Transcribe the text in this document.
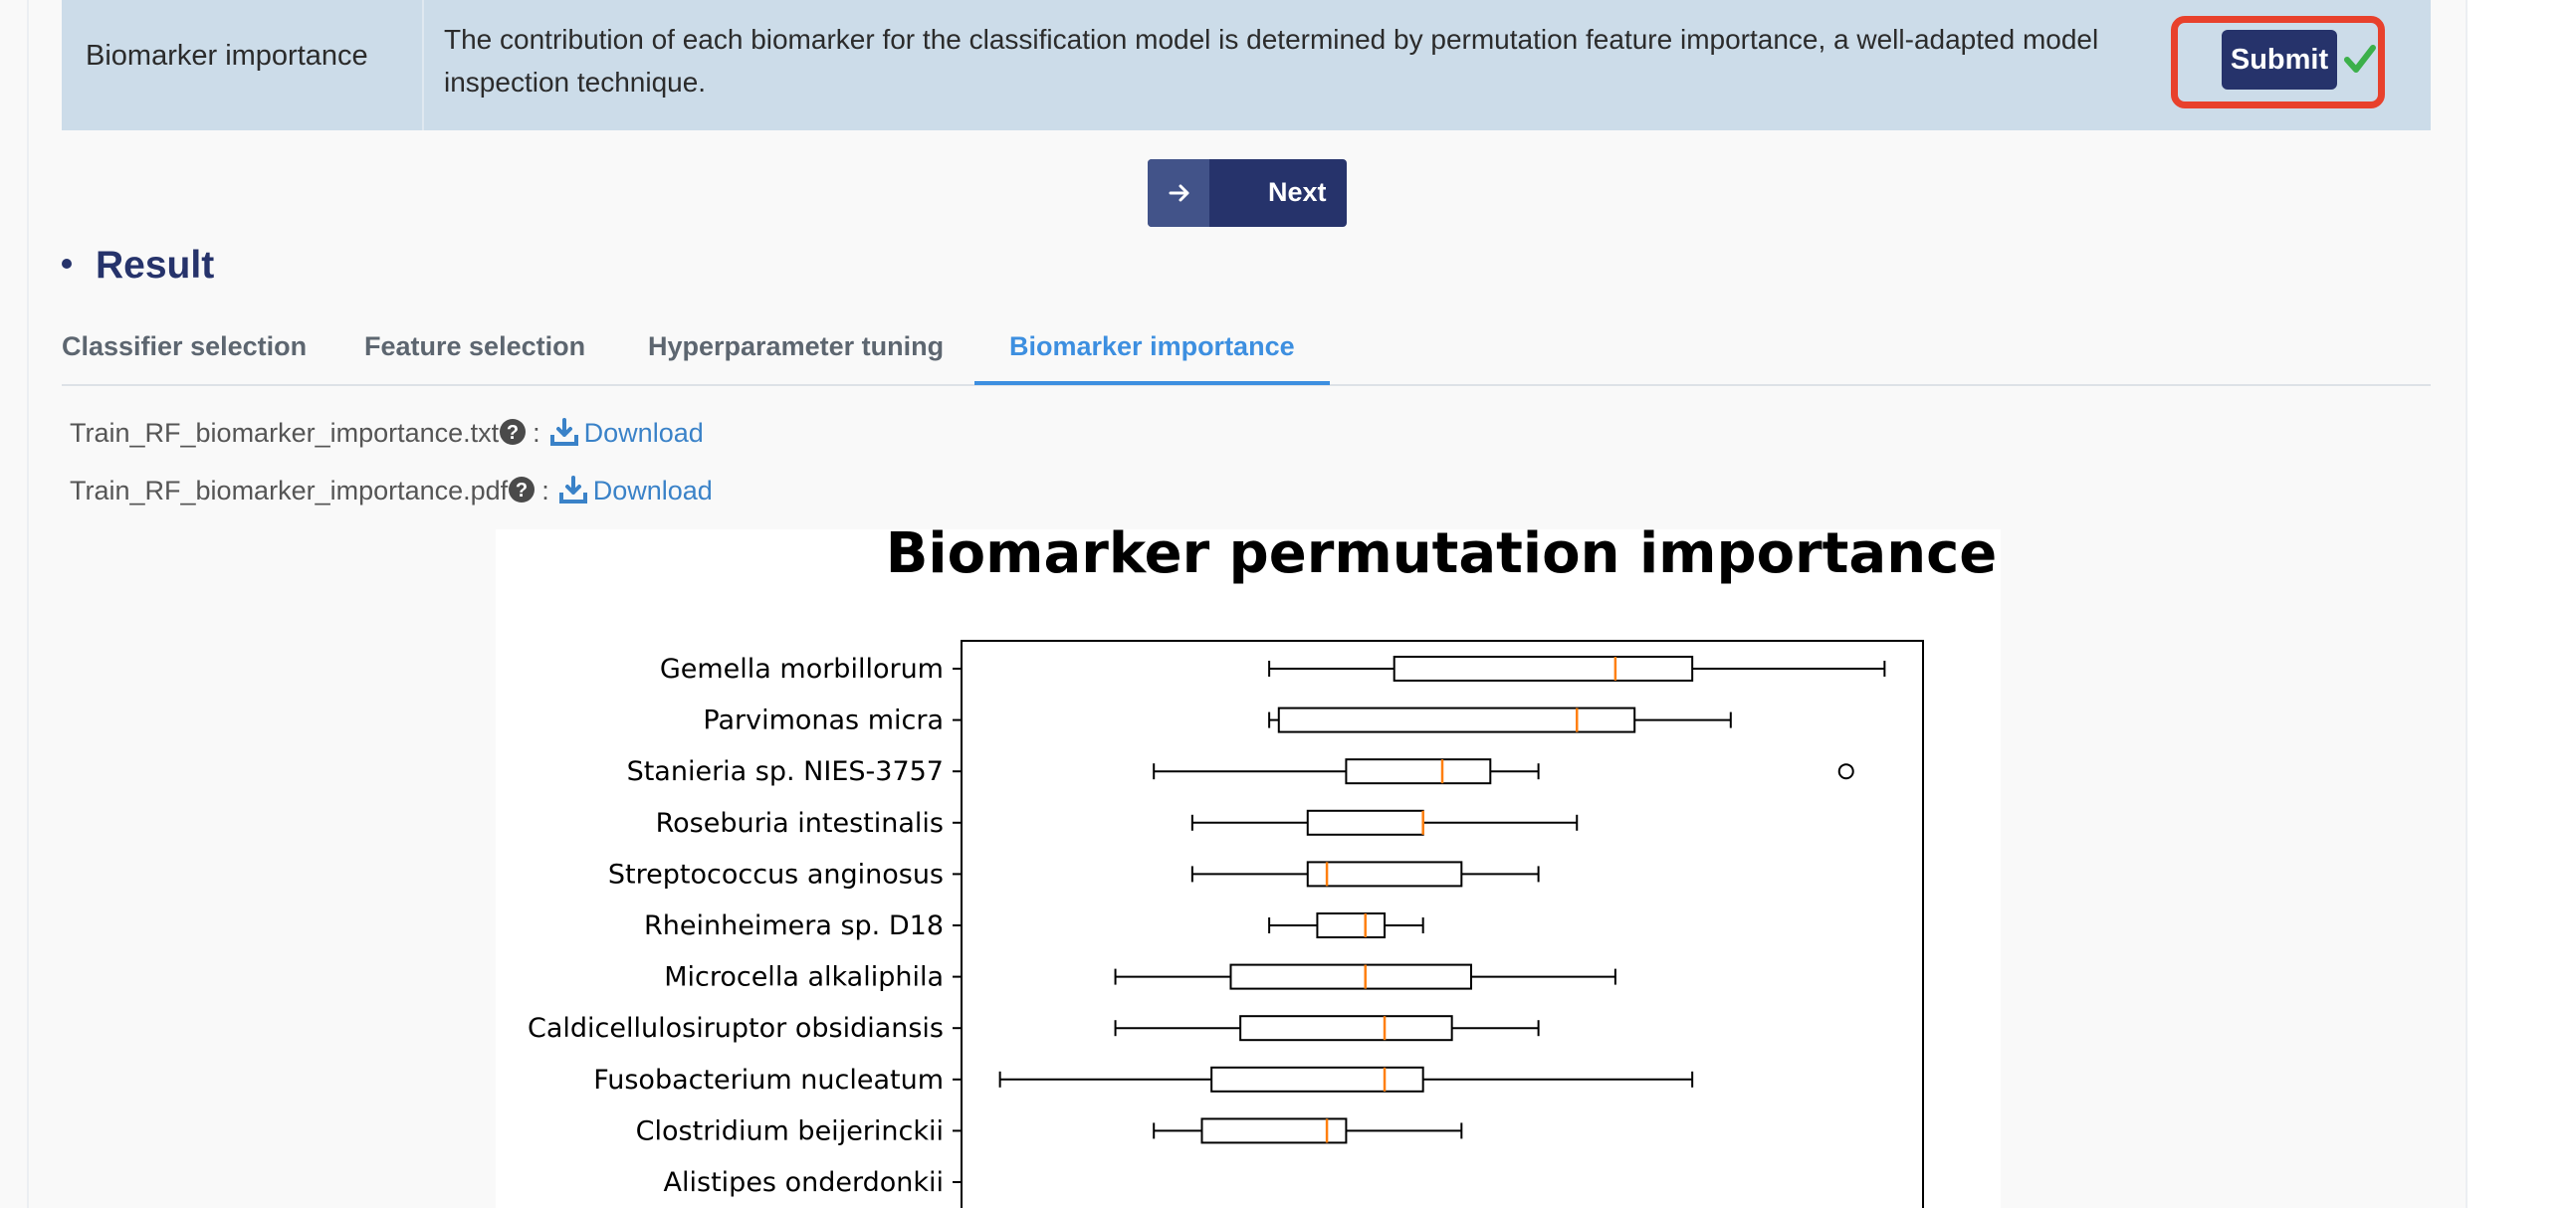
Biomarker importance
The contribution of each biomarker for the classification model is determined by permutation feature importance, a well-adapted model inspection technique.
Submit
Next
Result
Classifier selection Feature selection Hyperparameter tuning	Biomarker importance
Train_RF_biomarker_importance.txt ? : Download
Train_RF_biomarker_importance.pdf ? : Download
Biomarker permutation importance
Gemella morbillorum
Parvimonas micra
Stanieria sp. NIES-3757
Roseburia intestinalis
Streptococcus anginosus
Rheinheimera sp. D18
Microcella alkaliphila
Caldicellulosiruptor obsidiansis
Fusobacterium nucleatum
Clostridium beijerinckii
Alistipes onderdonkii
